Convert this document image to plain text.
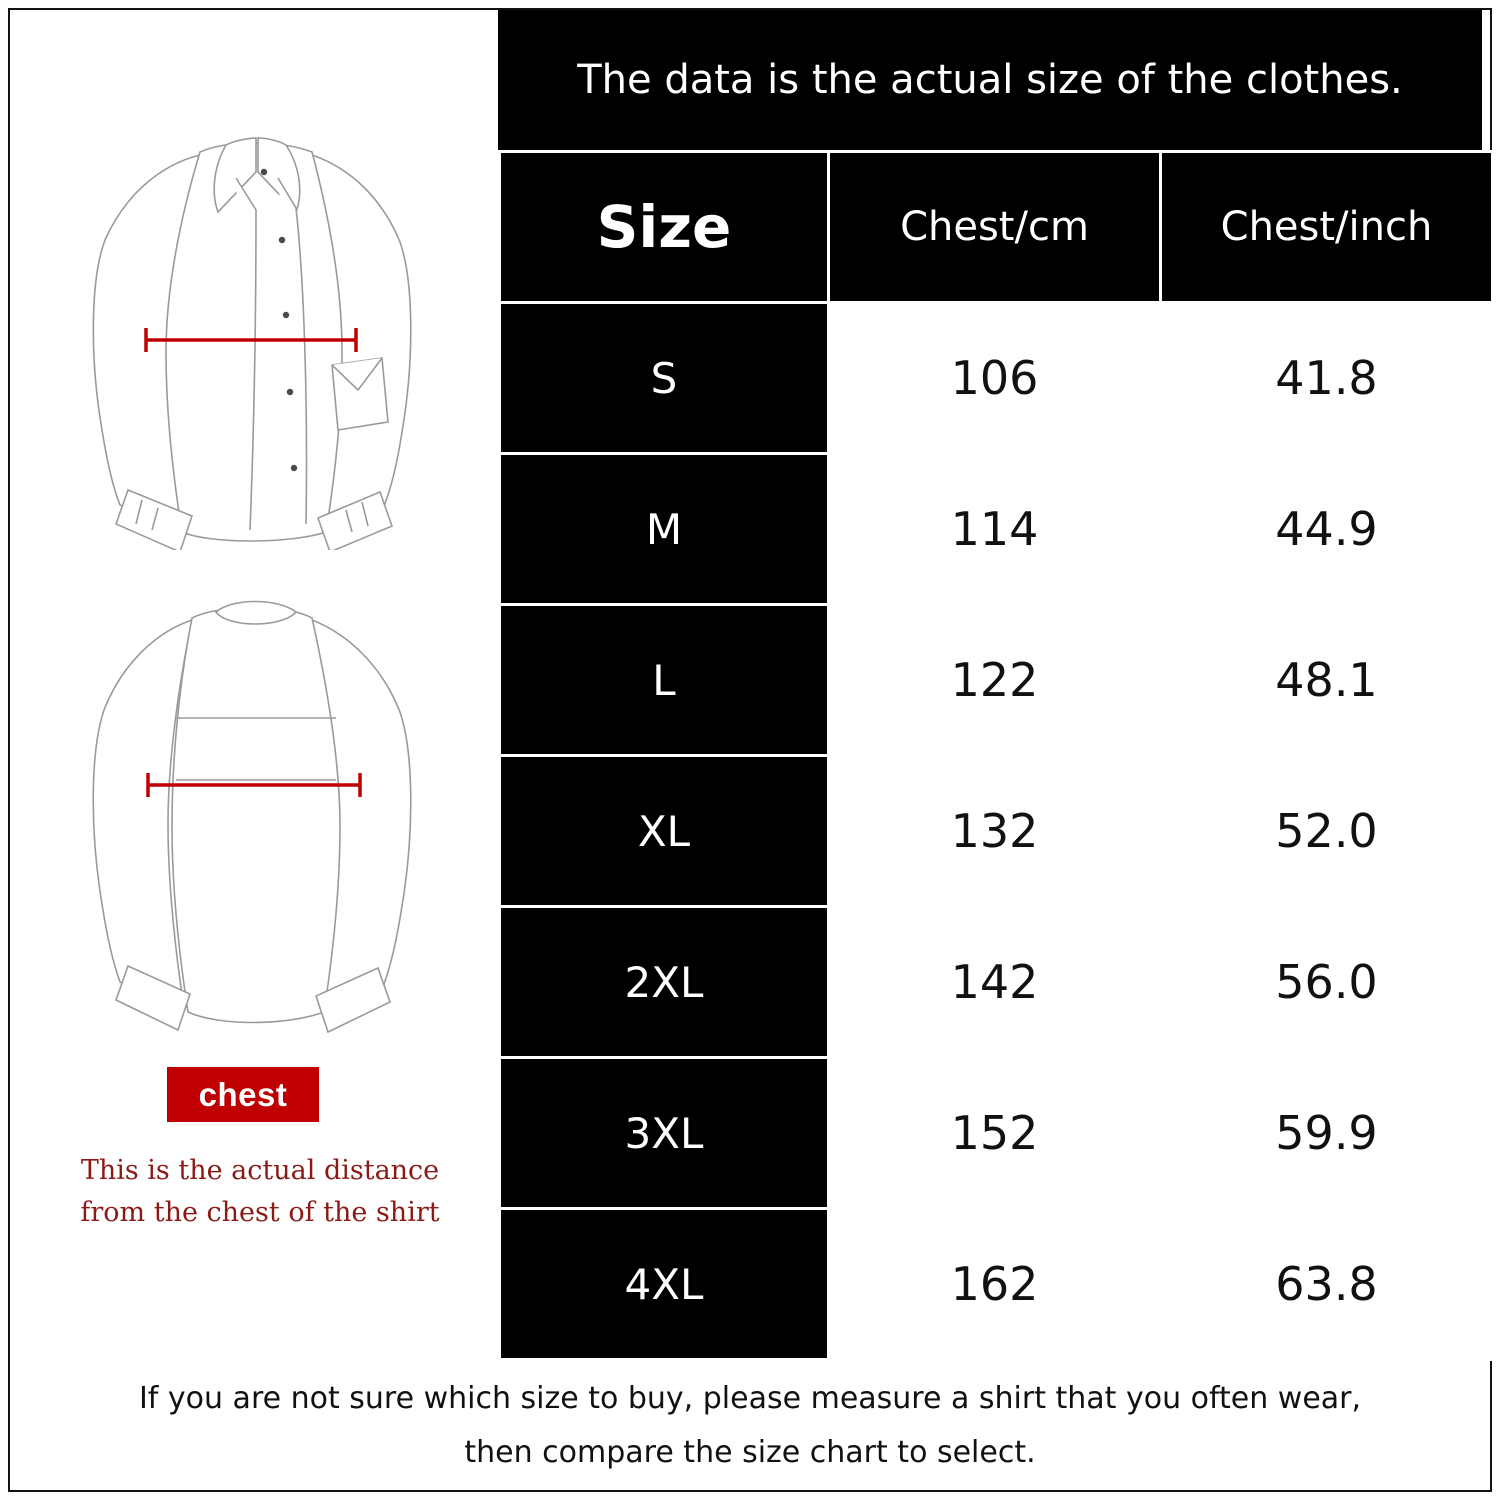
chest
This is the actual distance
from the chest of the shirt
The data is the actual size of the clothes.
Size	Chest/cm	Chest/inch
S	106	41.8
M	114	44.9
L	122	48.1
XL	132	52.0
2XL	142	56.0
3XL	152	59.9
4XL	162	63.8
If you are not sure which size to buy, please measure a shirt that you often wear,
then compare the size chart to select.
